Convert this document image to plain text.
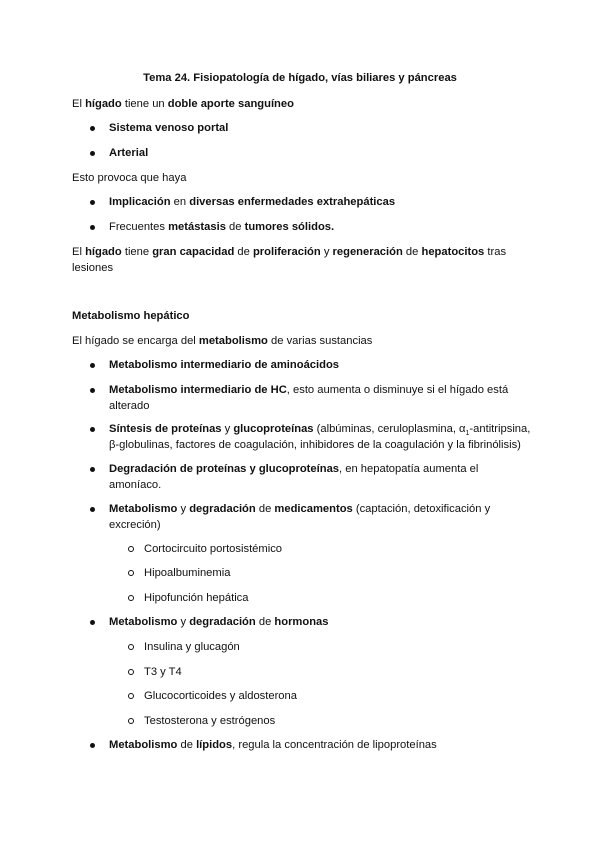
Tema 24. Fisiopatología de hígado, vías biliares y páncreas
El hígado tiene un doble aporte sanguíneo
Sistema venoso portal
Arterial
Esto provoca que haya
Implicación en diversas enfermedades extrahepáticas
Frecuentes metástasis de tumores sólidos.
El hígado tiene gran capacidad de proliferación y regeneración de hepatocitos tras
lesiones
Metabolismo hepático
El hígado se encarga del metabolismo de varias sustancias
Metabolismo intermediario de aminoácidos
Metabolismo intermediario de HC, esto aumenta o disminuye si el hígado está
alterado
Síntesis de proteínas y glucoproteínas (albúminas, ceruloplasmina, $\alpha_1$-antitripsina,
β-globulinas, factores de coagulación, inhibidores de la coagulación y la fibrinólisis)
Degradación de proteínas y glucoproteínas, en hepatopatía aumenta el
amoníaco.
Metabolismo y degradación de medicamentos (captación, detoxificación y
excreción)
Cortocircuito portosistémico
Hipoalbuminemia
Hipofunción hepática
Metabolismo y degradación de hormonas
Insulina y glucagón
T3 y T4
Glucocorticoides y aldosterona
Testosterona y estrógenos
Metabolismo de lípidos, regula la concentración de lipoproteínas
